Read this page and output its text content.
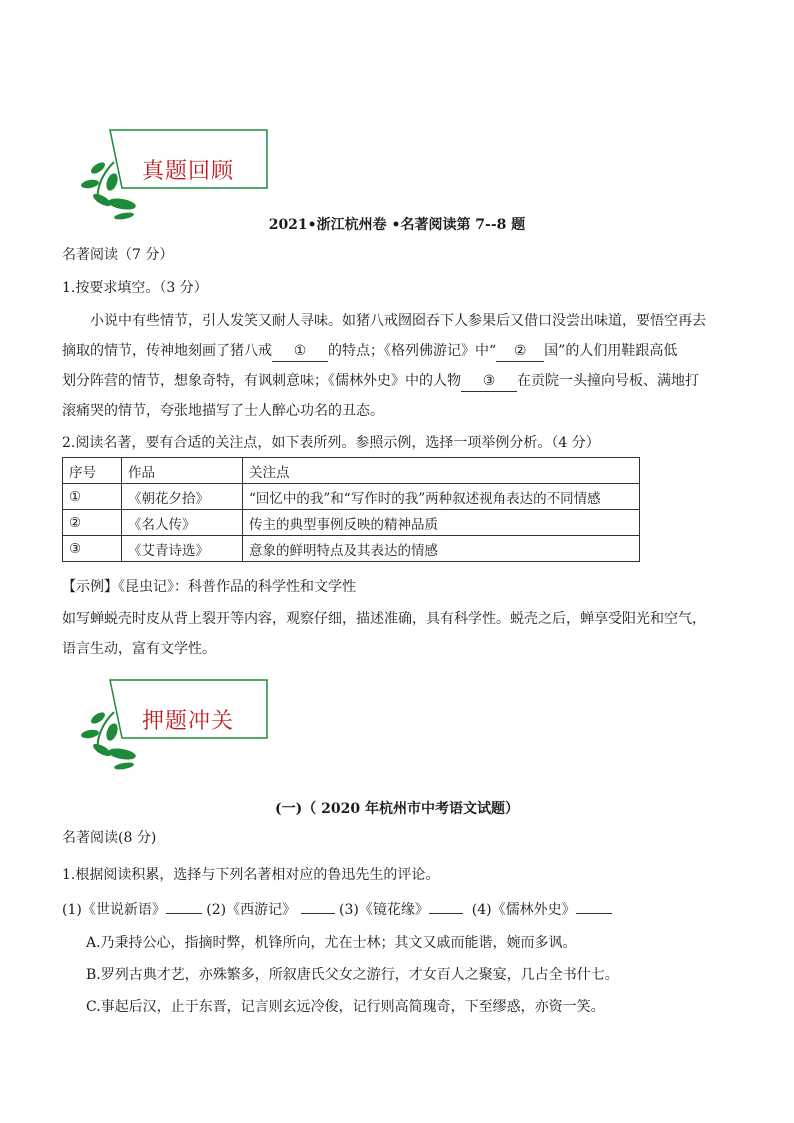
真题回顾
2021•浙江杭州卷 •名著阅读第 7--8 题
名著阅读（7 分）
1.按要求填空。（3 分）
小说中有些情节，引人发笑又耐人寻味。如猪八戒囫囵吞下人参果后又借口没尝出味道，要悟空再去
摘取的情节，传神地刻画了猪八戒 ① 的特点；《格列佛游记》中“ ② 国”的人们用鞋跟高低
划分阵营的情节，想象奇特，有讽刺意味；《儒林外史》中的人物 ③ 在贡院一头撞向号板、满地打
滚痛哭的情节，夸张地描写了士人醉心功名的丑态。
2.阅读名著，要有合适的关注点，如下表所列。参照示例，选择一项举例分析。（4 分）
序号	作品	关注点
①	《朝花夕拾》	“回忆中的我”和“写作时的我”两种叙述视角表达的不同情感
②	《名人传》	传主的典型事例反映的精神品质
③	《艾青诗选》	意象的鲜明特点及其表达的情感
【示例】《昆虫记》：科普作品的科学性和文学性
如写蝉蜕壳时皮从背上裂开等内容，观察仔细，描述准确，具有科学性。蜕壳之后，蝉享受阳光和空气，
语言生动，富有文学性。
押题冲关
(一)（ 2020 年杭州市中考语文试题）
名著阅读(8 分)
1.根据阅读积累，选择与下列名著相对应的鲁迅先生的评论。
(1)《世说新语》	(2)《西游记》	(3)《镜花缘》	(4)《儒林外史》
A.乃秉持公心，指摘时弊，机锋所向，尤在士林；其文又戚而能谐，婉而多讽。
B.罗列古典才艺，亦殊繁多，所叙唐氏父女之游行，才女百人之聚宴，几占全书什七。
C.事起后汉，止于东晋，记言则玄远冷俊，记行则高简瑰奇，下至缪惑，亦资一笑。
